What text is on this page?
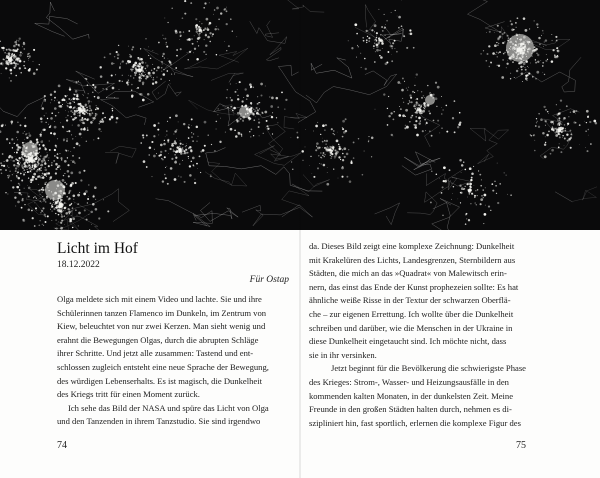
Licht im Hof
18.12.2022
Für Ostap
Olga meldete sich mit einem Video und lachte. Sie und ihre
Schülerinnen tanzen Flamenco im Dunkeln, im Zentrum von
Kiew, beleuchtet von nur zwei Kerzen. Man sieht wenig und
erahnt die Bewegungen Olgas, durch die abrupten Schläge
ihrer Schritte. Und jetzt alle zusammen: Tastend und ent-
schlossen zugleich entsteht eine neue Sprache der Bewegung,
des würdigen Lebenserhalts. Es ist magisch, die Dunkelheit
des Kriegs tritt für einen Moment zurück.
Ich sehe das Bild der NASA und spüre das Licht von Olga
und den Tanzenden in ihrem Tanzstudio. Sie sind irgendwo
da. Dieses Bild zeigt eine komplexe Zeichnung: Dunkelheit
mit Krakelüren des Lichts, Landesgrenzen, Sternbildern aus
Städten, die mich an das »Quadrat« von Malewitsch erin-
nern, das einst das Ende der Kunst prophezeien sollte: Es hat
ähnliche weiße Risse in der Textur der schwarzen Oberflä-
che – zur eigenen Errettung. Ich wollte über die Dunkelheit
schreiben und darüber, wie die Menschen in der Ukraine in
diese Dunkelheit eingetaucht sind. Ich möchte nicht, dass
sie in ihr versinken.
Jetzt beginnt für die Bevölkerung die schwierigste Phase
des Krieges: Strom-, Wasser- und Heizungsausfälle in den
kommenden kalten Monaten, in der dunkelsten Zeit. Meine
Freunde in den großen Städten halten durch, nehmen es di-
szipliniert hin, fast sportlich, erlernen die komplexe Figur des
74	75
